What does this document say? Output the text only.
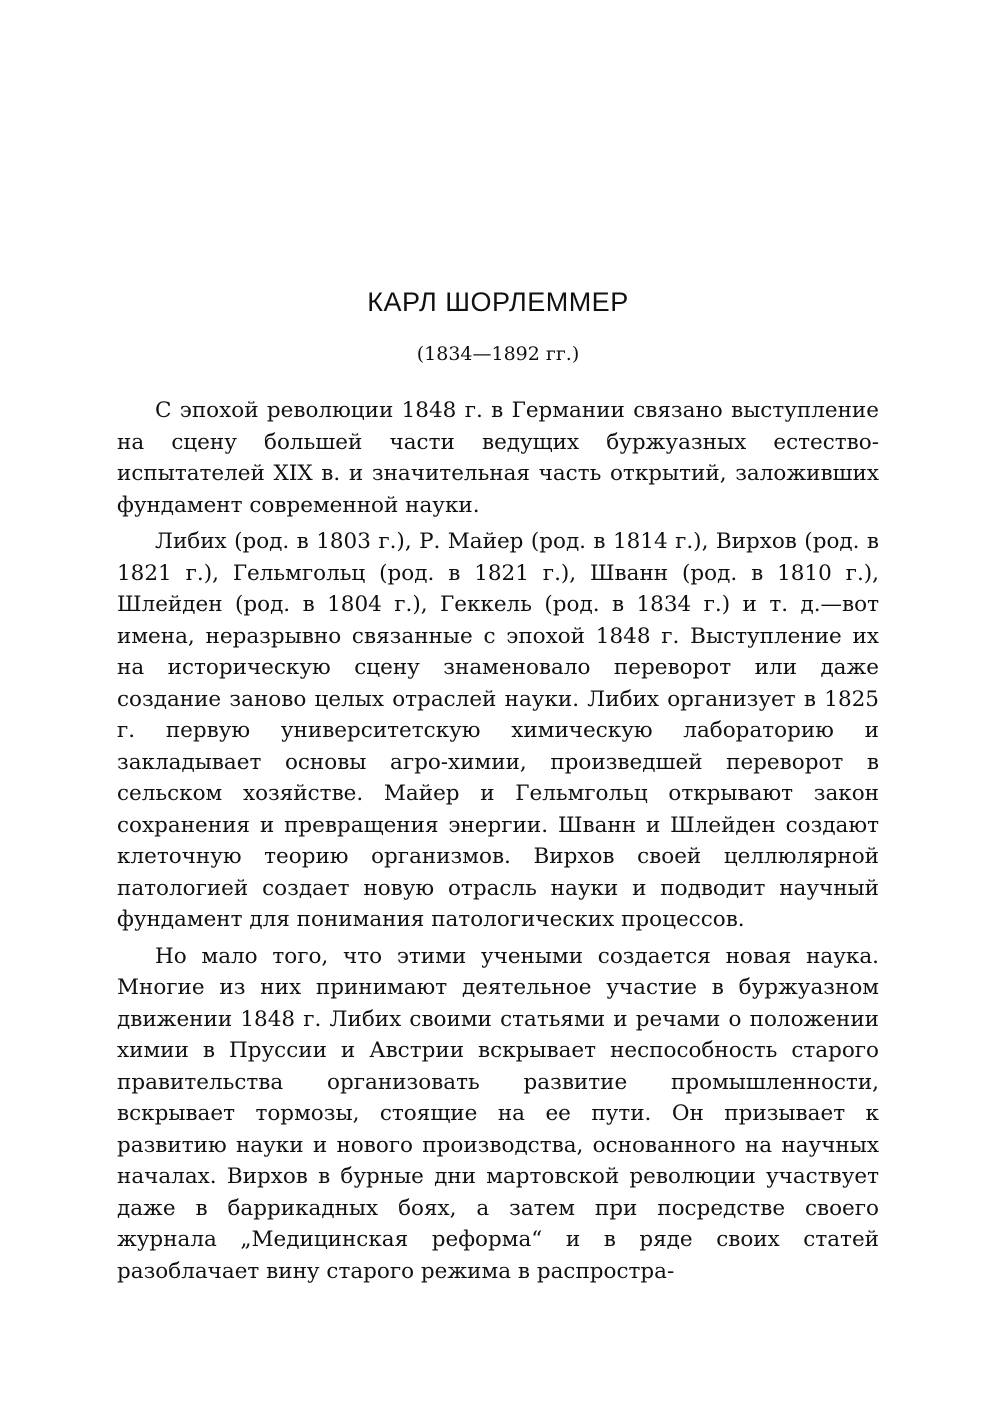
КАРЛ ШОРЛЕММЕР
(1834—1892 гг.)

С эпохой революции 1848 г. в Германии связано выступление на сцену большей части ведущих буржуазных естествоиспытателей XIX в. и значительная часть открытий, заложивших фундамент современной науки.

Либих (род. в 1803 г.), Р. Майер (род. в 1814 г.), Вирхов (род. в 1821 г.), Гельмгольц (род. в 1821 г.), Шванн (род. в 1810 г.), Шлейден (род. в 1804 г.), Геккель (род. в 1834 г.) и т. д.—вот имена, неразрывно связанные с эпохой 1848 г. Выступление их на историческую сцену знаменовало переворот или даже создание заново целых отраслей науки. Либих организует в 1825 г. первую университетскую химическую лабораторию и закладывает основы агро-химии, произведшей переворот в сельском хозяйстве. Майер и Гельмгольц открывают закон сохранения и превращения энергии. Шванн и Шлейден создают клеточную теорию организмов. Вирхов своей целлюлярной патологией создает новую отрасль науки и подводит научный фундамент для понимания патологических процессов.

Но мало того, что этими учеными создается новая наука. Многие из них принимают деятельное участие в буржуазном движении 1848 г. Либих своими статьями и речами о положении химии в Пруссии и Австрии вскрывает неспособность старого правительства организовать развитие промышленности, вскрывает тормозы, стоящие на ее пути. Он призывает к развитию науки и нового производства, основанного на научных началах. Вирхов в бурные дни мартовской революции участвует даже в баррикадных боях, а затем при посредстве своего журнала „Медицинская реформа“ и в ряде своих статей разоблачает вину старого режима в распростра-
